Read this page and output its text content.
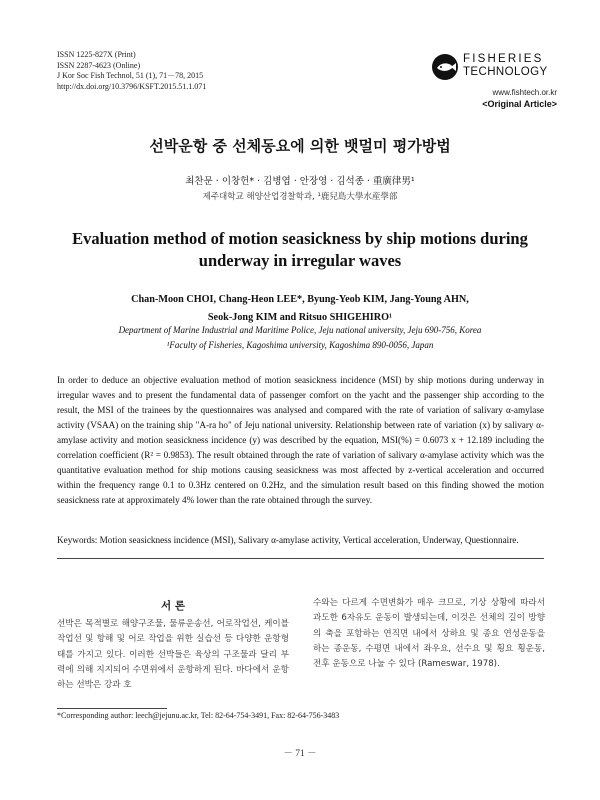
ISSN 1225-827X (Print)
ISSN 2287-4623 (Online)
J Kor Soc Fish Technol, 51 (1), 71－78, 2015
http://dx.doi.org/10.3796/KSFT.2015.51.1.071
FISHERIES
TECHNOLOGY
www.fishtech.or.kr
<Original Article>
선박운항 중 선체동요에 의한 뱃멀미 평가방법
최찬문 · 이창헌* · 김병엽 · 안장영 · 김석종 · 重廣律男¹
제주대학교 해양산업경찰학과, ¹鹿兒島大學水産學部
Evaluation method of motion seasickness by ship motions during underway in irregular waves
Chan-Moon CHOI, Chang-Heon LEE*, Byung-Yeob KIM, Jang-Young AHN,
Seok-Jong KIM and Ritsuo SHIGEHIRO¹
Department of Marine Industrial and Maritime Police, Jeju national university, Jeju 690-756, Korea
¹Faculty of Fisheries, Kagoshima university, Kagoshima 890-0056, Japan
In order to deduce an objective evaluation method of motion seasickness incidence (MSI) by ship motions during underway in irregular waves and to present the fundamental data of passenger comfort on the yacht and the passenger ship according to the result, the MSI of the trainees by the questionnaires was analysed and compared with the rate of variation of salivary α-amylase activity (VSAA) on the training ship "A-ra ho" of Jeju national university. Relationship between rate of variation (x) by salivary α-amylase activity and motion seasickness incidence (y) was described by the equation, MSI(%) = 0.6073 x + 12.189 including the correlation coefficient (R² = 0.9853). The result obtained through the rate of variation of salivary α-amylase activity which was the quantitative evaluation method for ship motions causing seasickness was most affected by z-vertical acceleration and occurred within the frequency range 0.1 to 0.3Hz centered on 0.2Hz, and the simulation result based on this finding showed the motion seasickness rate at approximately 4% lower than the rate obtained through the survey.
Keywords: Motion seasickness incidence (MSI), Salivary α-amylase activity, Vertical acceleration, Underway, Questionnaire.
서 론
선박은 목적별로 해양구조물, 물류운송선, 어로작업선, 케이블 작업선 및 항해 및 어로 작업을 위한 실습선 등 다양한 운항형태를 가지고 있다. 이러한 선박들은 육상의 구조물과 달리 부력에 의해 지지되어 수면위에서 운항하게 된다. 바다에서 운항하는 선박은 강과 호
수와는 다르게 수면변화가 매우 크므로, 기상 상황에 따라서 과도한 6자유도 운동이 발생되는데, 이것은 선체의 길이 방향의 축을 포함하는 연직면 내에서 상하요 및 종요 연성운동을 하는 종운동, 수평면 내에서 좌우요, 선수요 및 횡요 횡운동, 전후 운동으로 나눌 수 있다 (Rameswar, 1978).
*Corresponding author: leech@jejunu.ac.kr, Tel: 82-64-754-3491, Fax: 82-64-756-3483
－ 71 －
